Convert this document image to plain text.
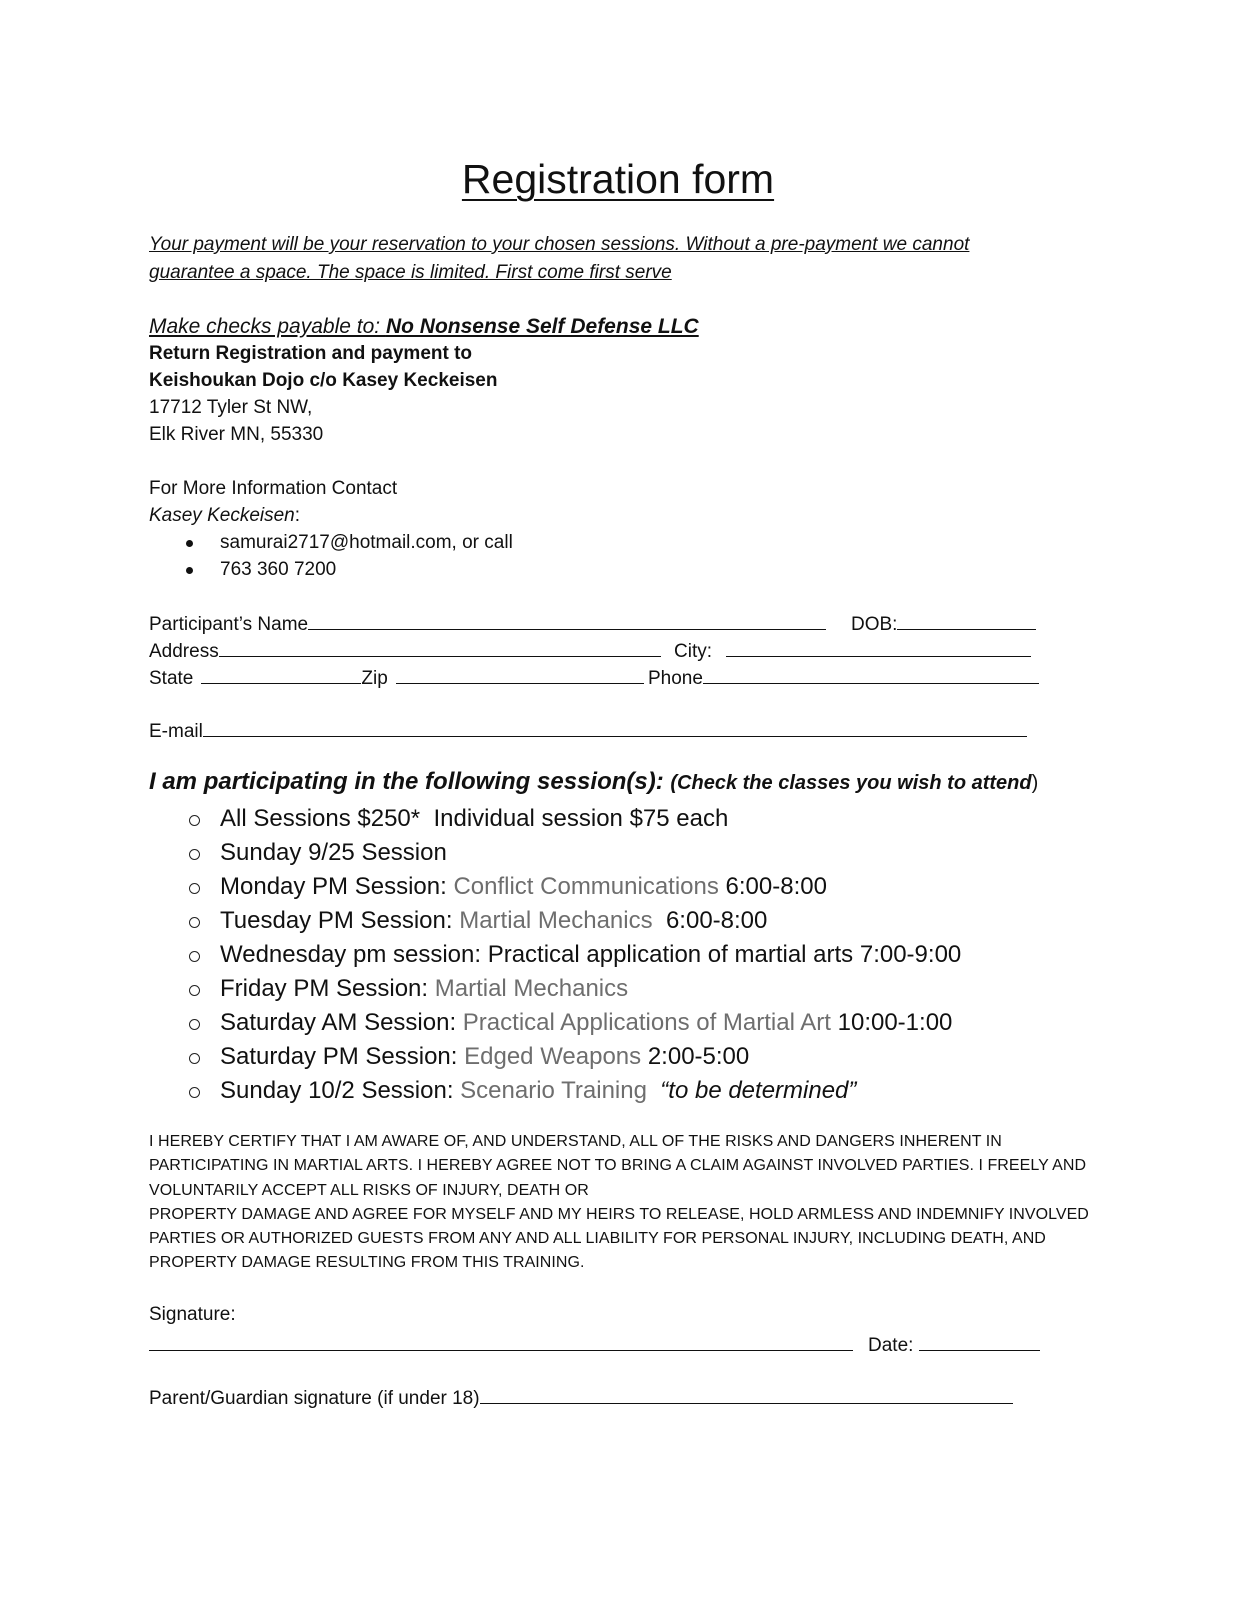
Registration form
Your payment will be your reservation to your chosen sessions. Without a pre-payment we cannot guarantee a space. The space is limited. First come first serve
Make checks payable to: No Nonsense Self Defense LLC
Return Registration and payment to
Keishoukan Dojo c/o Kasey Keckeisen
17712 Tyler St NW,
Elk River MN, 55330
For More Information Contact
Kasey Keckeisen:
samurai2717@hotmail.com, or call
763 360 7200
Participant’s Name	DOB:
Address	City:
State	Zip	Phone
E-mail
I am participating in the following session(s): (Check the classes you wish to attend)
All Sessions $250*  Individual session $75 each
Sunday 9/25 Session
Monday PM Session: Conflict Communications 6:00-8:00
Tuesday PM Session: Martial Mechanics  6:00-8:00
Wednesday pm session: Practical application of martial arts 7:00-9:00
Friday PM Session: Martial Mechanics
Saturday AM Session: Practical Applications of Martial Art 10:00-1:00
Saturday PM Session: Edged Weapons 2:00-5:00
Sunday 10/2 Session: Scenario Training  “to be determined”
I HEREBY CERTIFY THAT I AM AWARE OF, AND UNDERSTAND, ALL OF THE RISKS AND DANGERS INHERENT IN PARTICIPATING IN MARTIAL ARTS. I HEREBY AGREE NOT TO BRING A CLAIM AGAINST INVOLVED PARTIES. I FREELY AND VOLUNTARILY ACCEPT ALL RISKS OF INJURY, DEATH OR
PROPERTY DAMAGE AND AGREE FOR MYSELF AND MY HEIRS TO RELEASE, HOLD ARMLESS AND INDEMNIFY INVOLVED PARTIES OR AUTHORIZED GUESTS FROM ANY AND ALL LIABILITY FOR PERSONAL INJURY, INCLUDING DEATH, AND PROPERTY DAMAGE RESULTING FROM THIS TRAINING.
Signature:
Date:
Parent/Guardian signature (if under 18)
